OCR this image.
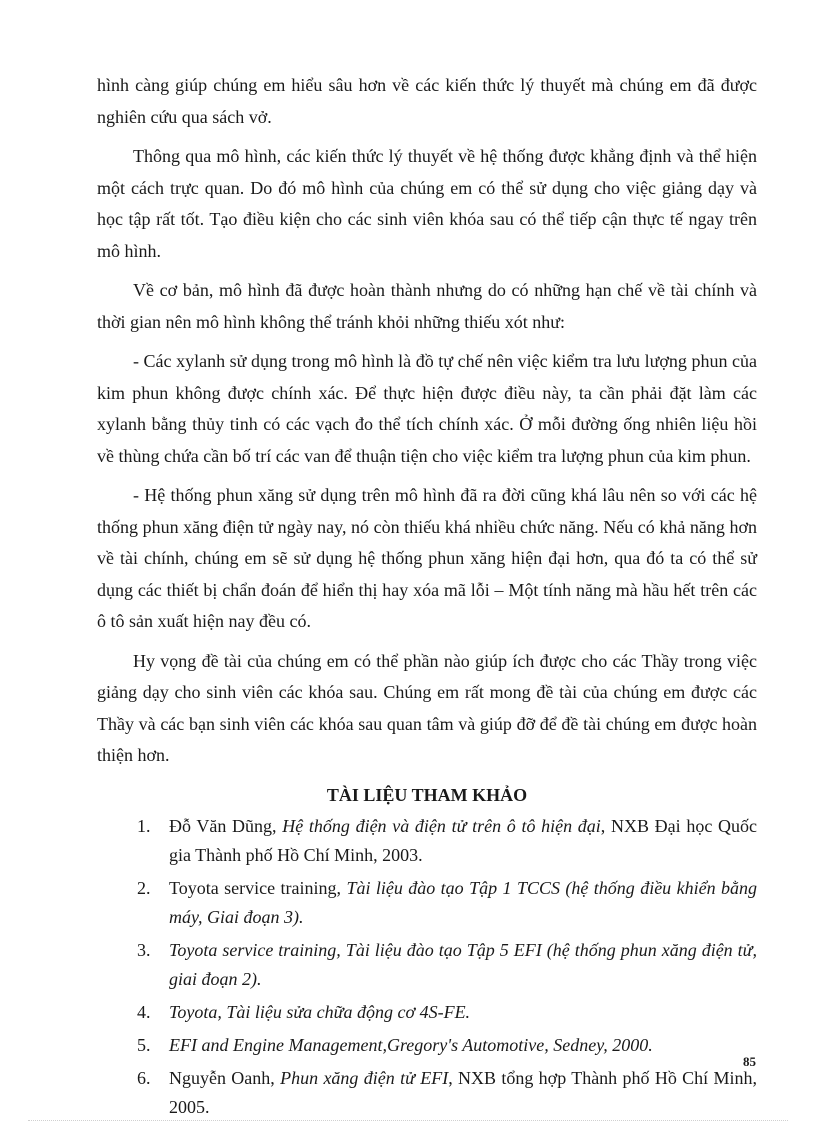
hình càng giúp chúng em hiểu sâu hơn về các kiến thức lý thuyết mà chúng em đã được nghiên cứu qua sách vở.

Thông qua mô hình, các kiến thức lý thuyết về hệ thống được khẳng định và thể hiện một cách trực quan. Do đó mô hình của chúng em có thể sử dụng cho việc giảng dạy và học tập rất tốt. Tạo điều kiện cho các sinh viên khóa sau có thể tiếp cận thực tế ngay trên mô hình.

Về cơ bản, mô hình đã được hoàn thành nhưng do có những hạn chế về tài chính và thời gian nên mô hình không thể tránh khỏi những thiếu xót như:

- Các xylanh sử dụng trong mô hình là đồ tự chế nên việc kiểm tra lưu lượng phun của kim phun không được chính xác. Để thực hiện được điều này, ta cần phải đặt làm các xylanh bằng thủy tinh có các vạch đo thể tích chính xác. Ở mỗi đường ống nhiên liệu hồi về thùng chứa cần bố trí các van để thuận tiện cho việc kiểm tra lượng phun của kim phun.

- Hệ thống phun xăng sử dụng trên mô hình đã ra đời cũng khá lâu nên so với các hệ thống phun xăng điện tử ngày nay, nó còn thiếu khá nhiều chức năng. Nếu có khả năng hơn về tài chính, chúng em sẽ sử dụng hệ thống phun xăng hiện đại hơn, qua đó ta có thể sử dụng các thiết bị chẩn đoán để hiển thị hay xóa mã lỗi – Một tính năng mà hầu hết trên các ô tô sản xuất hiện nay đều có.

Hy vọng đề tài của chúng em có thể phần nào giúp ích được cho các Thầy trong việc giảng dạy cho sinh viên các khóa sau. Chúng em rất mong đề tài của chúng em được các Thầy và các bạn sinh viên các khóa sau quan tâm và giúp đỡ để đề tài chúng em được hoàn thiện hơn.

TÀI LIỆU THAM KHẢO
1. Đỗ Văn Dũng, Hệ thống điện và điện tử trên ô tô hiện đại, NXB Đại học Quốc gia Thành phố Hồ Chí Minh, 2003.
2. Toyota service training, Tài liệu đào tạo Tập 1 TCCS (hệ thống điều khiển bằng máy, Giai đoạn 3).
3. Toyota service training, Tài liệu đào tạo Tập 5 EFI (hệ thống phun xăng điện tử, giai đoạn 2).
4. Toyota, Tài liệu sửa chữa động cơ 4S-FE.
5. EFI and Engine Management,Gregory's Automotive, Sedney, 2000.
6. Nguyễn Oanh, Phun xăng điện tử EFI, NXB tổng hợp Thành phố Hồ Chí Minh, 2005.
85
